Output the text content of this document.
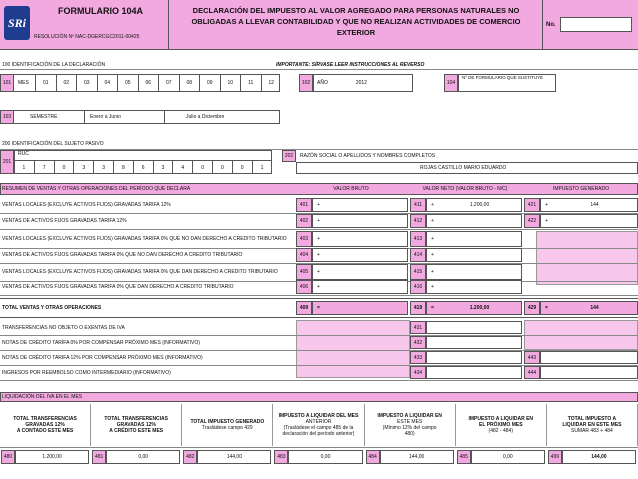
SRi
FORMULARIO 104A
RESOLUCIÓN Nº NAC-DGERCGC2011-00425
DECLARACIÓN DEL IMPUESTO AL VALOR AGREGADO PARA PERSONAS NATURALES NO OBLIGADAS A LLEVAR CONTABILIDAD Y QUE NO REALIZAN ACTIVIDADES DE COMERCIO EXTERIOR
No.
100 IDENTIFICACIÓN DE LA DECLARACIÓN	IMPORTANTE: SÍRVASE LEER INSTRUCCIONES AL REVERSO
101	MES	01	02	03	04	05	06	07	08	09	10	11	12	102	AÑO	2012	104
Nº DE FORMULARIO QUE SUSTITUYE
103	SEMESTRE	Enero a Junio	Julio a Diciembre
200 IDENTIFICACIÓN DEL SUJETO PASIVO
201
RUC
1	7	0	3	3	8	6	3	4	0	0	0	1
202	RAZÓN SOCIAL O APELLIDOS Y NOMBRES COMPLETOS
ROJAS CASTILLO MARIO EDUARDO
RESUMEN DE VENTAS Y OTRAS OPERACIONES DEL PERÍODO QUE DECLARA	VALOR BRUTO	VALOR NETO (VALOR BRUTO - N/C)	IMPUESTO GENERADO
VENTAS LOCALES (EXCLUYE ACTIVOS FIJOS) GRAVADAS TARIFA 12%	401	+	411	+	1.200,00	421	+	144
VENTAS DE ACTIVOS FIJOS GRAVADAS TARIFA 12%	402	+	412	+	422	+
VENTAS LOCALES (EXCLUYE ACTIVOS FIJOS) GRAVADAS TARIFA 0% QUE NO DAN DERECHO A CREDITO TRIBUTARIO	403	+	413	+
VENTAS DE ACTIVOS FIJOS GRAVADAS TARIFA 0% QUE NO DAN DERECHO A CREDITO TRIBUTARIO	404	+	414	+
VENTAS LOCALES (EXCLUYE ACTIVOS FIJOS) GRAVADAS TARIFA 0% QUE DAN DERECHO A CREDITO TRIBUTARIO	405	+	415	+
VENTAS DE ACTIVOS FIJOS GRAVADAS TARIFA 0% QUE DAN DERECHO A CREDITO TRIBUTARIO	406	+	416	+
TOTAL VENTAS Y OTRAS OPERACIONES	409	=	419	=	1.200,00	429	=	144
TRANSFERENCIAS NO OBJETO O EXENTAS DE IVA	431
NOTAS DE CRÉDITO TARIFA 0% POR COMPENSAR PRÓXIMO MES (INFORMATIVO)	432
NOTAS DE CRÉDITO TARIFA 12% POR COMPENSAR PRÓXIMO MES (INFORMATIVO)	433	443
INGRESOS POR REEMBOLSO COMO INTERMEDIARIO (INFORMATIVO)	434	444
LIQUIDACIÓN DEL IVA EN EL MES
TOTAL TRANSFERENCIAS
GRAVADAS 12%
A CONTADO ESTE MES
480	1.200,00
TOTAL TRANSFERENCIAS
GRAVADAS 12%
A CRÉDITO ESTE MES
481	0,00
TOTAL IMPUESTO GENERADO
Trasládese campo 429
482	144,00
IMPUESTO A LIQUIDAR DEL MES
ANTERIOR
(Trasládese el campo 485 de la
declaración del período anterior)
483	0,00
IMPUESTO A LIQUIDAR EN
ESTE MES
(Mínimo 12% del campo
480)
484	144,00
IMPUESTO A LIQUIDAR EN
EL PRÓXIMO MES
(482 - 484)
485	0,00
TOTAL IMPUESTO A
LIQUIDAR EN ESTE MES
SUMAR 483 + 484
499	144,00
